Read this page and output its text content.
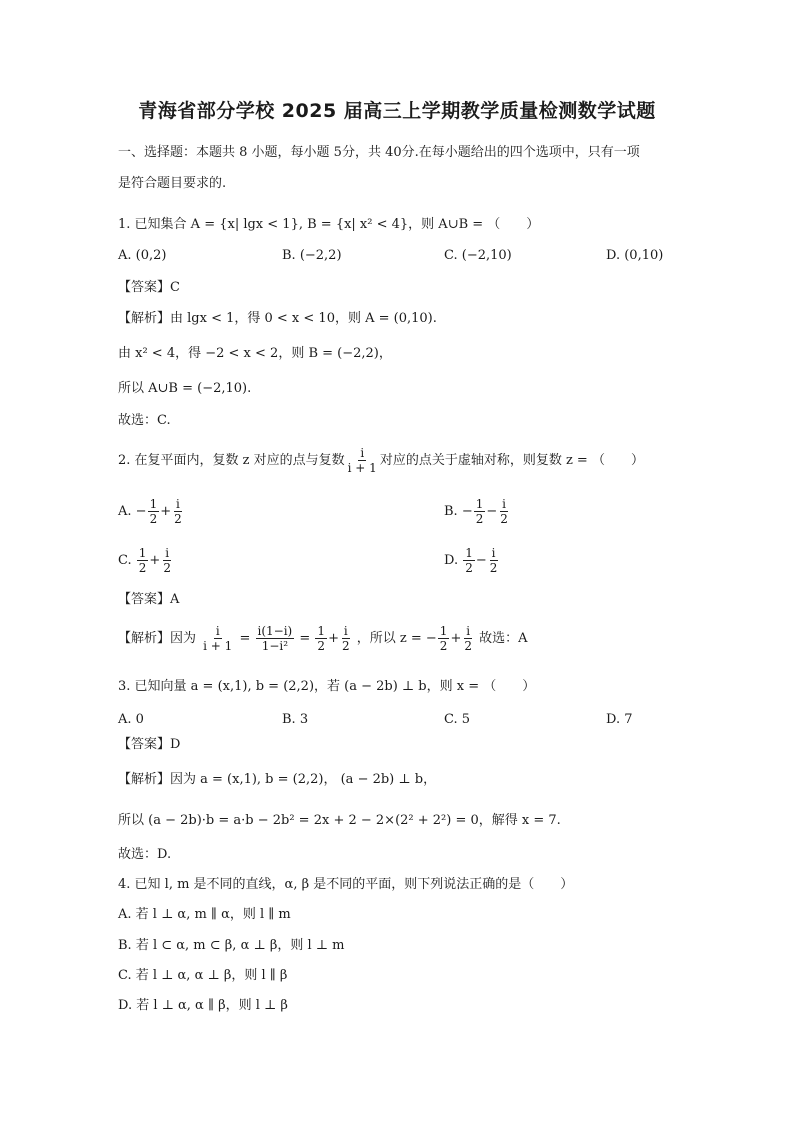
青海省部分学校 2025 届高三上学期教学质量检测数学试题
一、选择题：本题共 8 小题，每小题 5分，共 40分.在每小题给出的四个选项中，只有一项
是符合题目要求的.
1. 已知集合 A = {x| lgx < 1}, B = {x| x² < 4}，则 A∪B = （　　）
A. (0,2)	B. (−2,2)	C. (−2,10)	D. (0,10)
【答案】C
【解析】由 lgx < 1，得 0 < x < 10，则 A = (0,10).
由 x² < 4，得 −2 < x < 2，则 B = (−2,2)，
所以 A∪B = (−2,10).
故选：C.
2. 在复平面内，复数 z 对应的点与复数 $\frac{i}{i + 1}$ 对应的点关于虚轴对称，则复数 z = （　　）
A. − $\frac{1}{2} + \frac{i}{2}$	B. − $\frac{1}{2} - \frac{i}{2}$
C. $\frac{1}{2} + \frac{i}{2}$	D. $\frac{1}{2} - \frac{i}{2}$
【答案】A
【解析】因为 $\frac{i}{i + 1} = \frac{i(1-i)}{\text{1−i²}} = \frac{1}{2} + \frac{i}{2}$ ，所以 z = − $\frac{1}{2} + \frac{i}{2}$ 故选：A
3. 已知向量 a = (x,1), b = (2,2)，若 (a − 2b) ⊥ b，则 x = （　　）
A. 0	B. 3	C. 5	D. 7
【答案】D
【解析】因为 a = (x,1), b = (2,2)， (a − 2b) ⊥ b，
所以 (a − 2b)·b = a·b − 2b² = 2x + 2 − 2×(2² + 2²) = 0，解得 x = 7.
故选：D.
4. 已知 l, m 是不同的直线，α, β 是不同的平面，则下列说法正确的是（　　）
A. 若 l ⊥ α, m ∥ α，则 l ∥ m
B. 若 l ⊂ α, m ⊂ β, α ⊥ β，则 l ⊥ m
C. 若 l ⊥ α, α ⊥ β，则 l ∥ β
D. 若 l ⊥ α, α ∥ β，则 l ⊥ β
